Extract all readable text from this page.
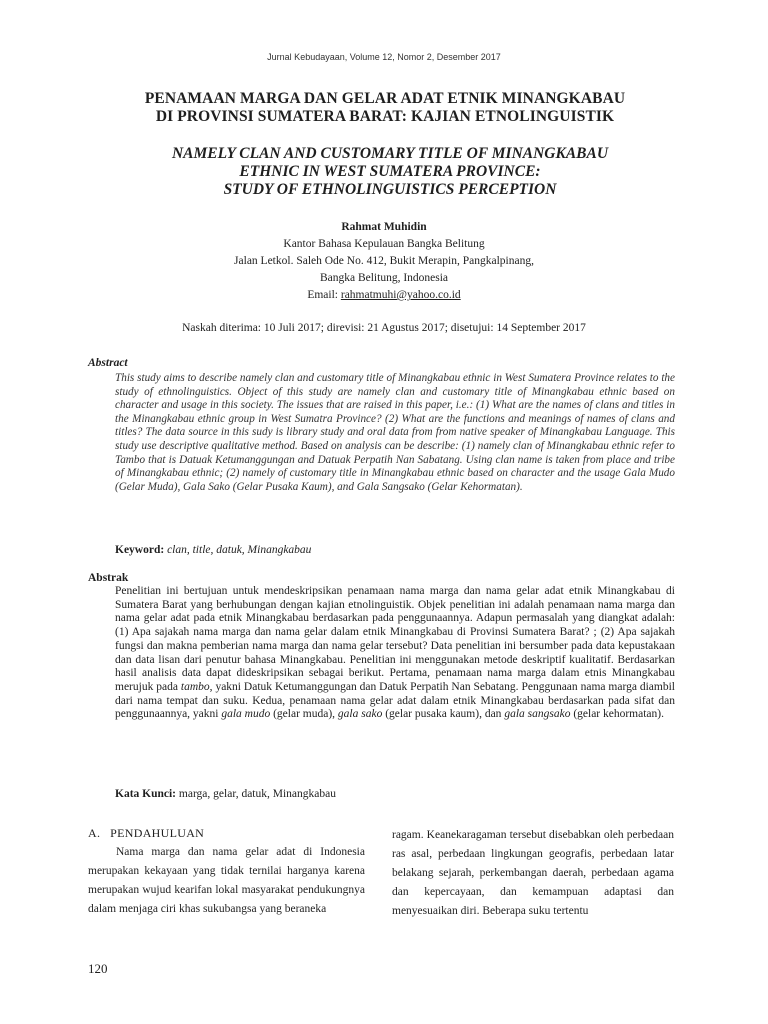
Jurnal Kebudayaan, Volume 12, Nomor 2, Desember 2017
PENAMAAN MARGA DAN GELAR ADAT ETNIK MINANGKABAU
DI PROVINSI SUMATERA BARAT: KAJIAN ETNOLINGUISTIK
NAMELY CLAN AND CUSTOMARY TITLE OF MINANGKABAU
ETHNIC IN WEST SUMATERA PROVINCE:
STUDY OF ETHNOLINGUISTICS PERCEPTION
Rahmat Muhidin
Kantor Bahasa Kepulauan Bangka Belitung
Jalan Letkol. Saleh Ode No. 412, Bukit Merapin, Pangkalpinang,
Bangka Belitung, Indonesia
Email: rahmatmuhi@yahoo.co.id
Naskah diterima: 10 Juli 2017; direvisi: 21 Agustus 2017; disetujui: 14 September 2017
Abstract
This study aims to describe namely clan and customary title of Minangkabau ethnic in West Sumatera Province relates to the study of ethnolinguistics. Object of this study are namely clan and customary title of Minangkabau ethnic based on character and usage in this society. The issues that are raised in this paper, i.e.: (1) What are the names of clans and titles in the Minangkabau ethnic group in West Sumatra Province? (2) What are the functions and meanings of names of clans and titles? The data source in this sudy is library study and oral data from from native speaker of Minangkabau Language. This study use descriptive qualitative method. Based on analysis can be describe: (1) namely clan of Minangkabau ethnic refer to Tambo that is Datuak Ketumanggungan and Datuak Perpatih Nan Sabatang. Using clan name is taken from place and tribe of Minangkabau ethnic; (2) namely of customary title in Minangkabau ethnic based on character and the usage Gala Mudo (Gelar Muda), Gala Sako (Gelar Pusaka Kaum), and Gala Sangsako (Gelar Kehormatan).
Keyword: clan, title, datuk, Minangkabau
Abstrak
Penelitian ini bertujuan untuk mendeskripsikan penamaan nama marga dan nama gelar adat etnik Minangkabau di Sumatera Barat yang berhubungan dengan kajian etnolinguistik. Objek penelitian ini adalah penamaan nama marga dan nama gelar adat pada etnik Minangkabau berdasarkan pada penggunaannya. Adapun permasalah yang diangkat adalah: (1) Apa sajakah nama marga dan nama gelar dalam etnik Minangkabau di Provinsi Sumatera Barat? ; (2) Apa sajakah fungsi dan makna pemberian nama marga dan nama gelar tersebut? Data penelitian ini bersumber pada data kepustakaan dan data lisan dari penutur bahasa Minangkabau. Penelitian ini menggunakan metode deskriptif kualitatif. Berdasarkan hasil analisis data dapat dideskripsikan sebagai berikut. Pertama, penamaan nama marga dalam etnis Minangkabau merujuk pada tambo, yakni Datuk Ketumanggungan dan Datuk Perpatih Nan Sebatang. Penggunaan nama marga diambil dari nama tempat dan suku. Kedua, penamaan nama gelar adat dalam etnik Minangkabau berdasarkan pada sifat dan penggunaannya, yakni gala mudo (gelar muda), gala sako (gelar pusaka kaum), dan gala sangsako (gelar kehormatan).
Kata Kunci: marga, gelar, datuk, Minangkabau
A.   PENDAHULUAN
Nama marga dan nama gelar adat di Indonesia merupakan kekayaan yang tidak ternilai harganya karena merupakan wujud kearifan lokal masyarakat pendukungnya dalam menjaga ciri khas sukubangsa yang beraneka
ragam. Keanekaragaman tersebut disebabkan oleh perbedaan ras asal, perbedaan lingkungan geografis, perbedaan latar belakang sejarah, perkembangan daerah, perbedaan agama dan kepercayaan, dan kemampuan adaptasi dan menyesuaikan diri. Beberapa suku tertentu
120
